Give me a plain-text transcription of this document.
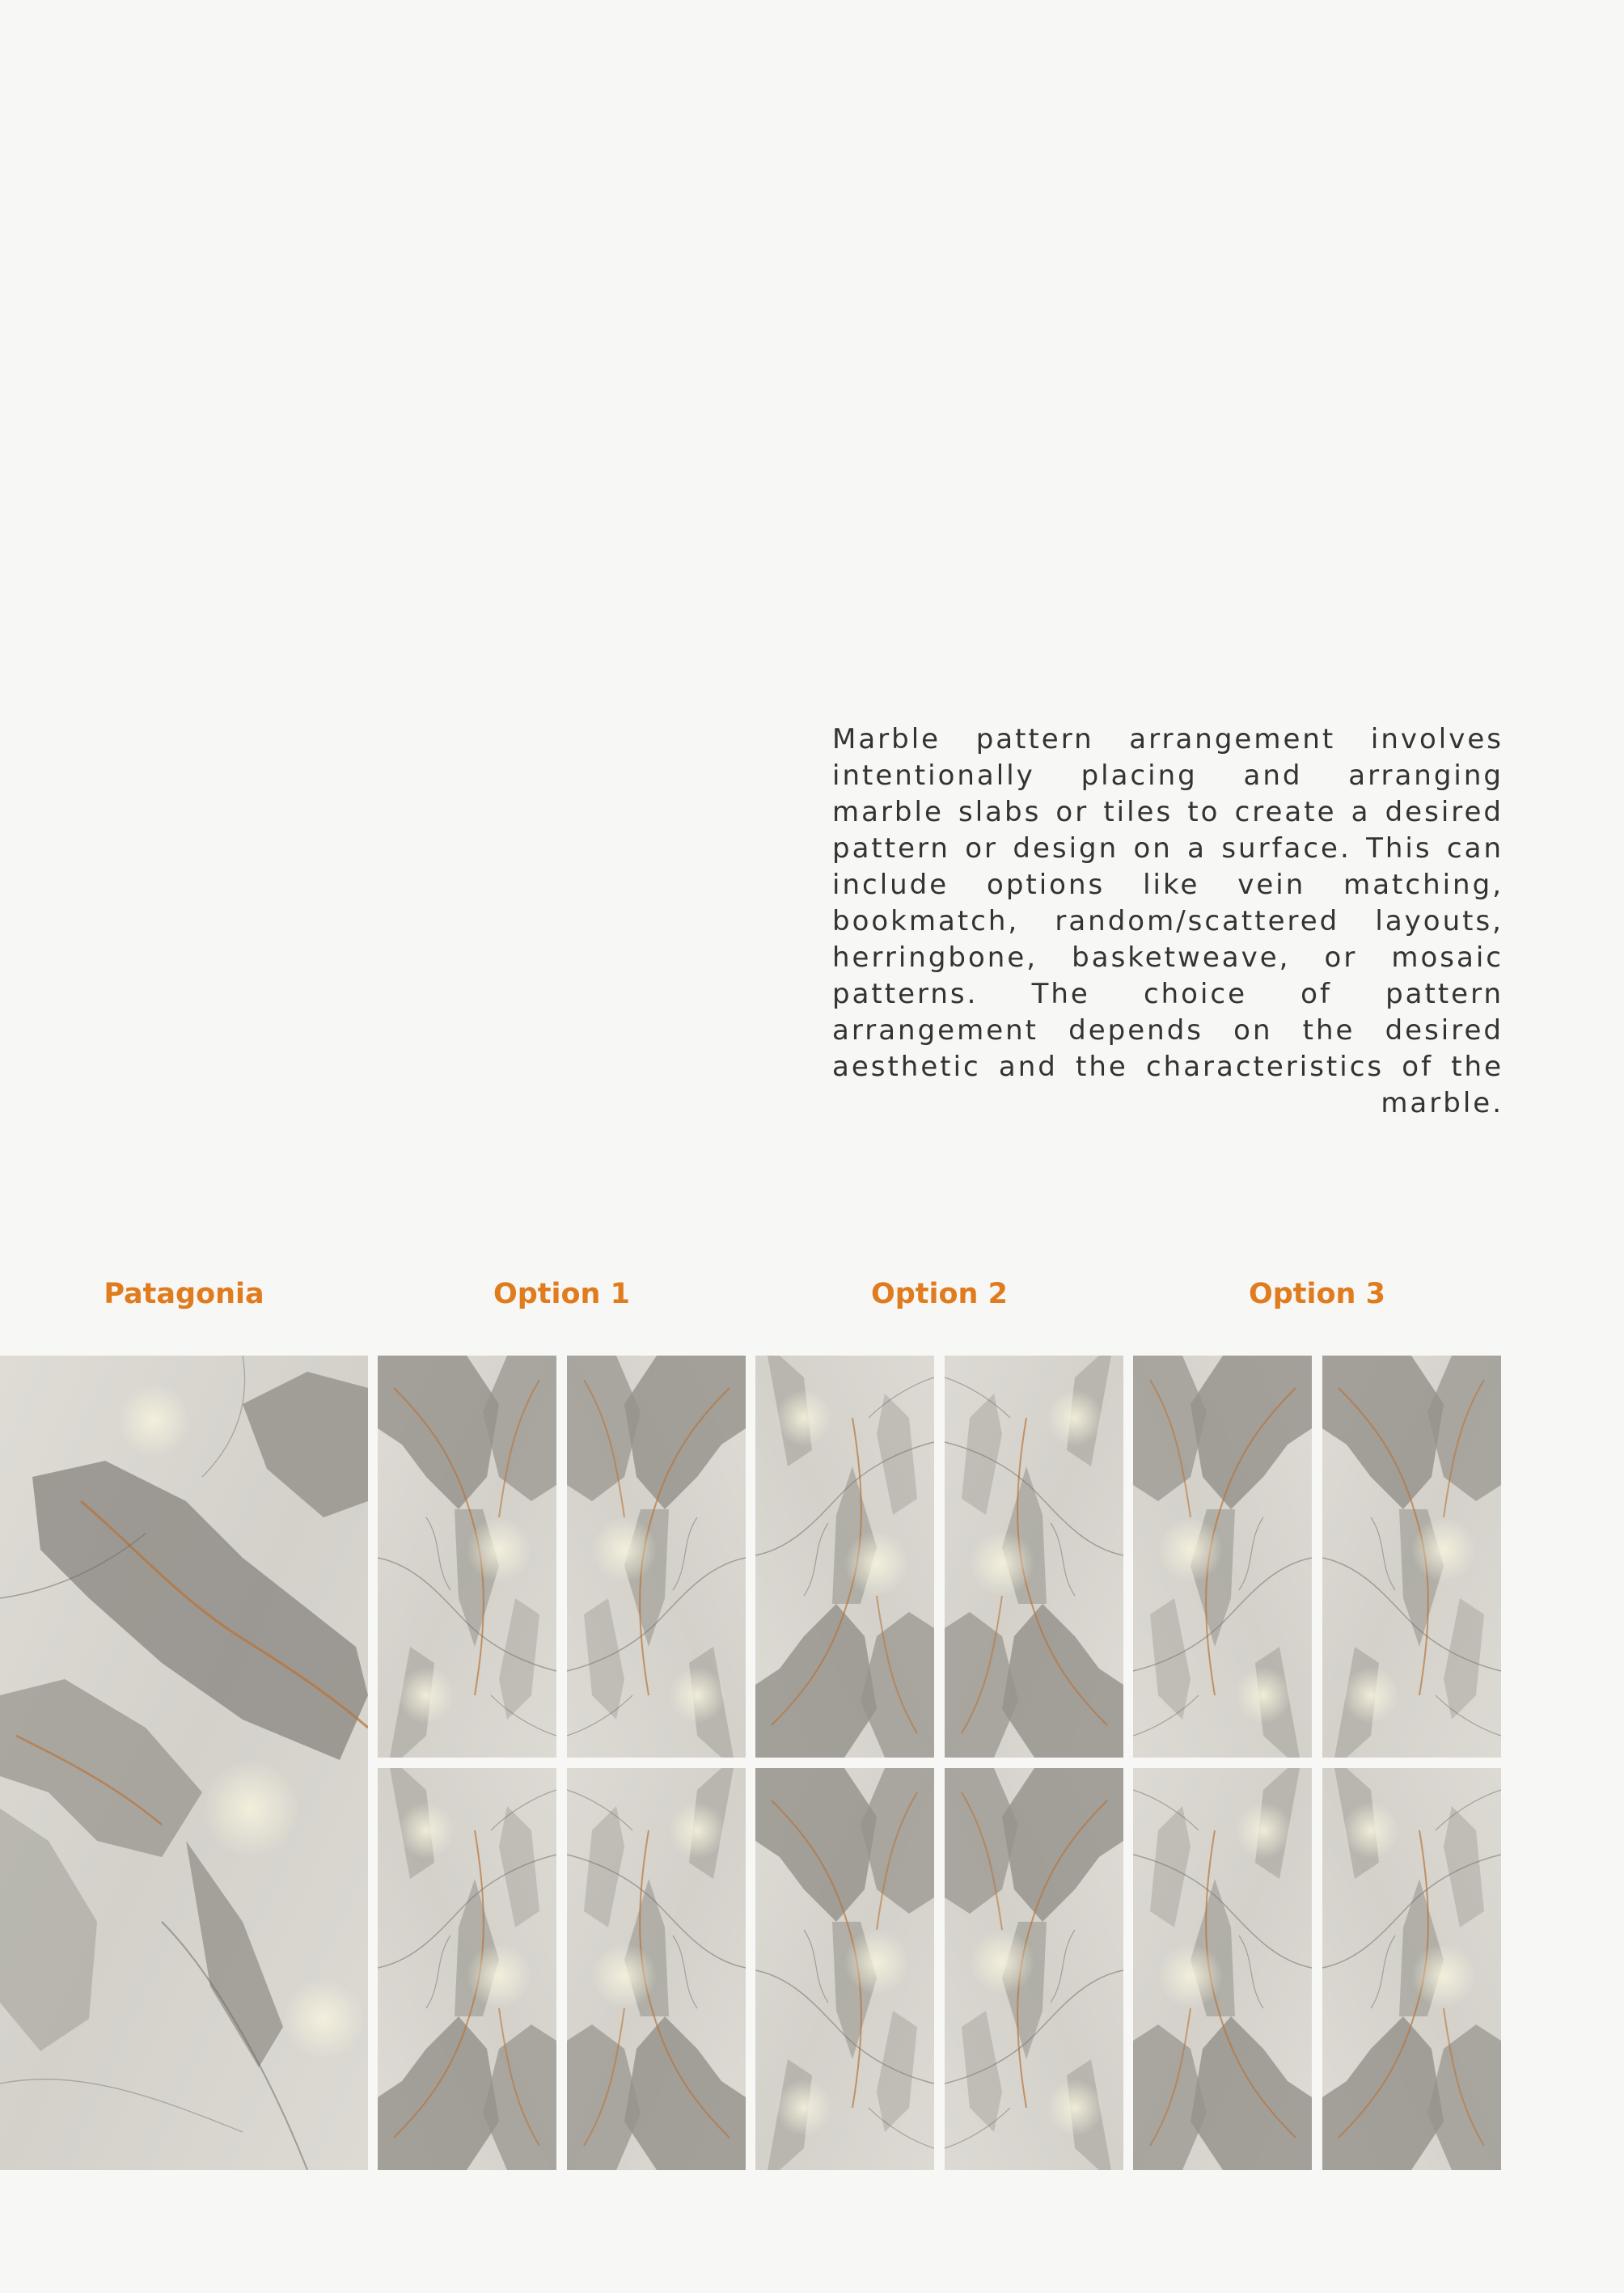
Marble pattern arrangement involves intentionally placing and arranging marble slabs or tiles to create a desired pattern or design on a surface. This can include options like vein matching, bookmatch, random/scattered layouts, herringbone, basketweave, or mosaic patterns. The choice of pattern arrangement depends on the desired aesthetic and the characteristics of the marble.
Patagonia	Option 1	Option 2	Option 3
